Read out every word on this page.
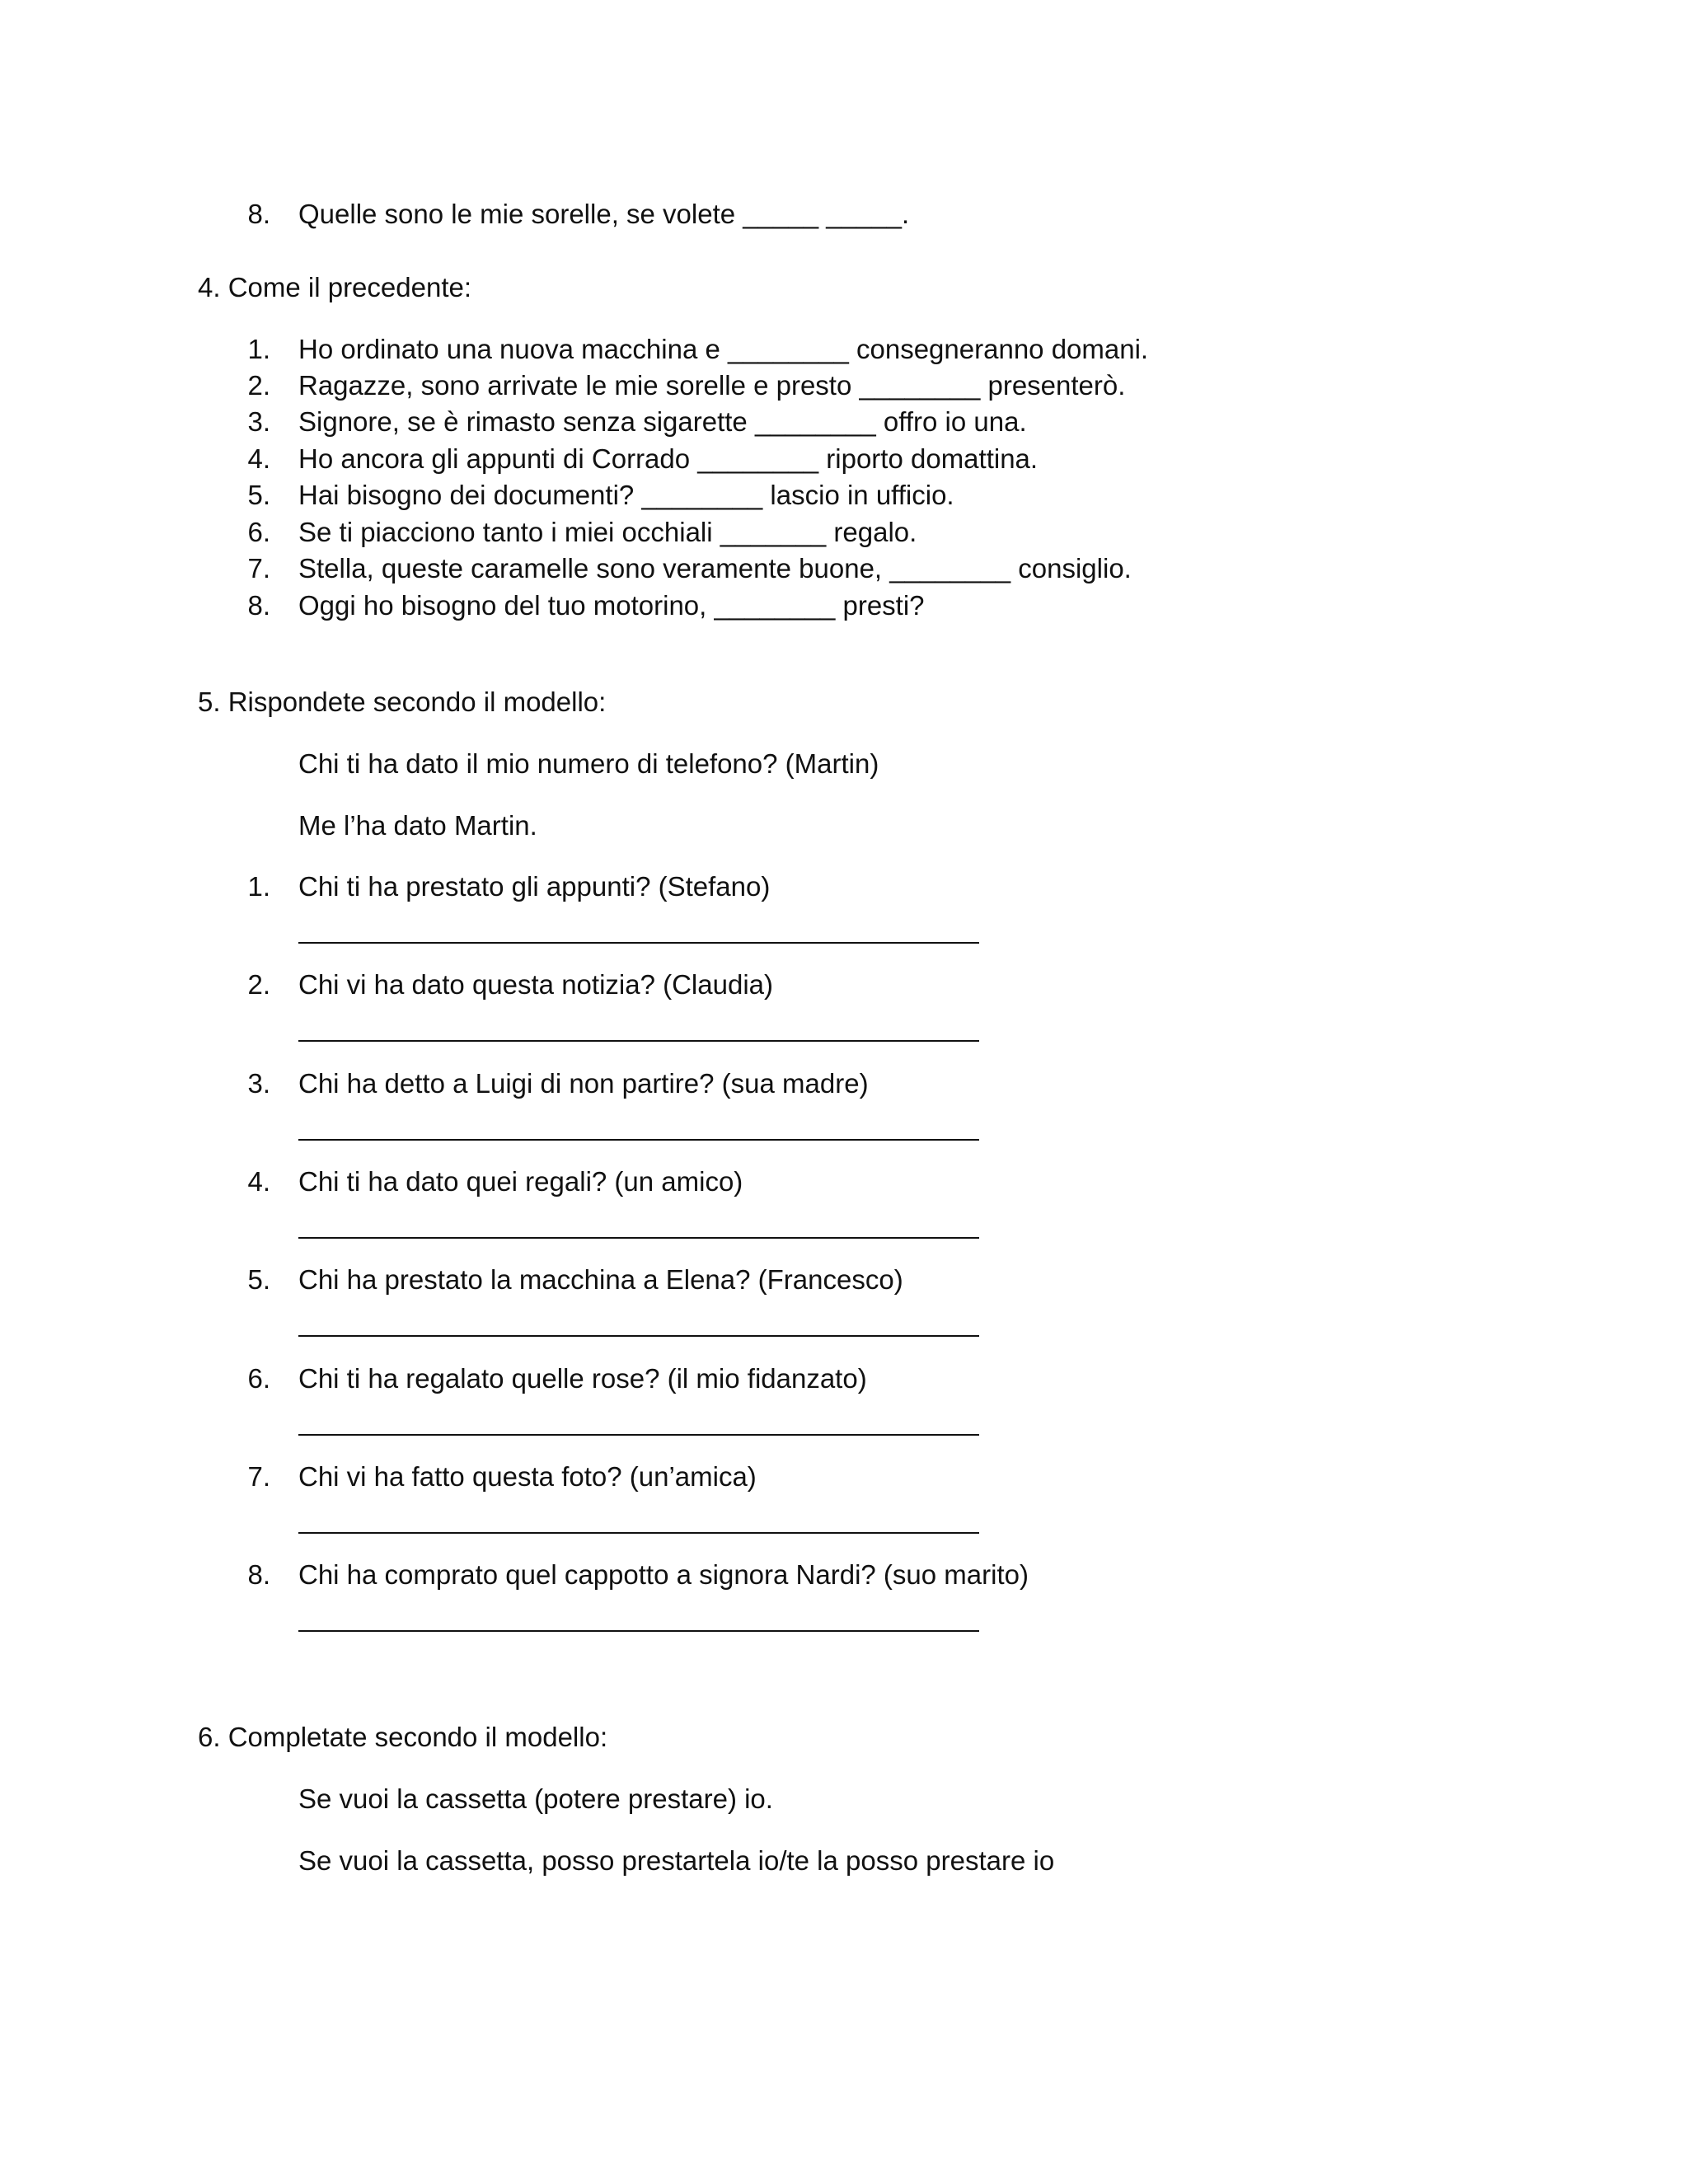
8. Quelle sono le mie sorelle, se volete _____ _____.
4. Come il precedente:
1. Ho ordinato una nuova macchina e ________ consegneranno domani.
2. Ragazze, sono arrivate le mie sorelle e presto ________ presenterò.
3. Signore, se è rimasto senza sigarette ________ offro io una.
4. Ho ancora gli appunti di Corrado ________ riporto domattina.
5. Hai bisogno dei documenti? ________ lascio in ufficio.
6. Se ti piacciono tanto i miei occhiali _______ regalo.
7. Stella, queste caramelle sono veramente buone, ________ consiglio.
8. Oggi ho bisogno del tuo motorino, ________ presti?
5. Rispondete secondo il modello:
Chi ti ha dato il mio numero di telefono? (Martin)
Me l’ha dato Martin.
1. Chi ti ha prestato gli appunti? (Stefano)
2. Chi vi ha dato questa notizia? (Claudia)
3. Chi ha detto a Luigi di non partire? (sua madre)
4. Chi ti ha dato quei regali? (un amico)
5. Chi ha prestato la macchina a Elena? (Francesco)
6. Chi ti ha regalato quelle rose? (il mio fidanzato)
7. Chi vi ha fatto questa foto? (un’amica)
8. Chi ha comprato quel cappotto a signora Nardi? (suo marito)
6. Completate secondo il modello:
Se vuoi la cassetta (potere prestare) io.
Se vuoi la cassetta, posso prestartela io/te la posso prestare io
